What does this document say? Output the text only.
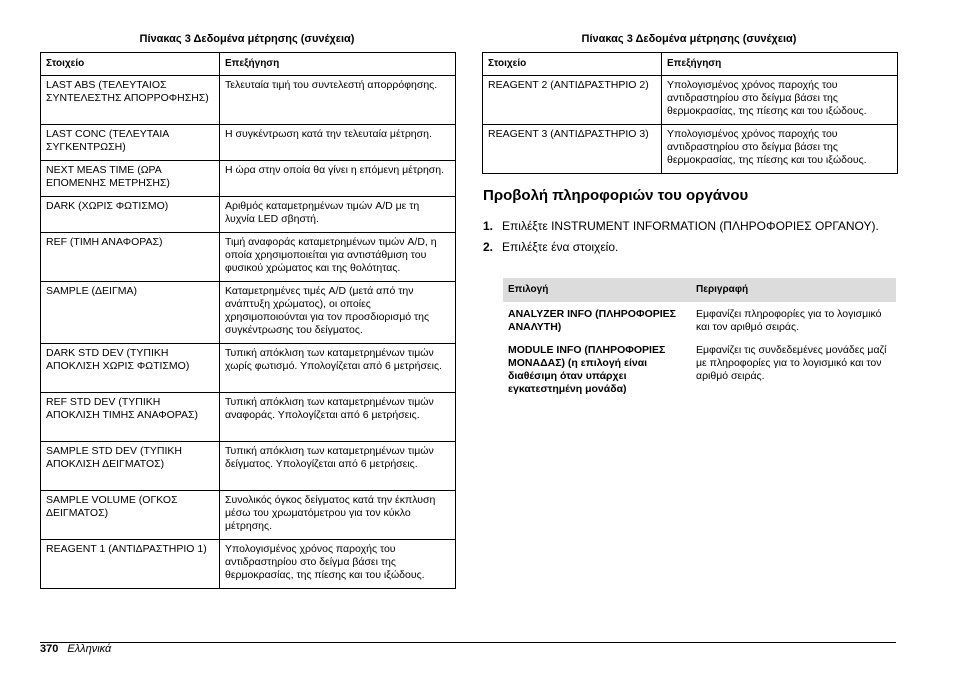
Πίνακας 3 Δεδομένα μέτρησης (συνέχεια)
Στοιχείο	Επεξήγηση
LAST ABS (ΤΕΛΕΥΤΑΙΟΣ ΣΥΝΤΕΛΕΣΤΗΣ ΑΠΟΡΡΟΦΗΣΗΣ)	Τελευταία τιμή του συντελεστή απορρόφησης.
LAST CONC (ΤΕΛΕΥΤΑΙΑ ΣΥΓΚΕΝΤΡΩΣΗ)	Η συγκέντρωση κατά την τελευταία μέτρηση.
NEXT MEAS TIME (ΩΡΑ ΕΠΟΜΕΝΗΣ ΜΕΤΡΗΣΗΣ)	Η ώρα στην οποία θα γίνει η επόμενη μέτρηση.
DARK (ΧΩΡΙΣ ΦΩΤΙΣΜΟ)	Αριθμός καταμετρημένων τιμών A/D με τη λυχνία LED σβηστή.
REF (ΤΙΜΗ ΑΝΑΦΟΡΑΣ)	Τιμή αναφοράς καταμετρημένων τιμών A/D, η οποία χρησιμοποιείται για αντιστάθμιση του φυσικού χρώματος και της θολότητας.
SAMPLE (ΔΕΙΓΜΑ)	Καταμετρημένες τιμές A/D (μετά από την ανάπτυξη χρώματος), οι οποίες χρησιμοποιούνται για τον προσδιορισμό της συγκέντρωσης του δείγματος.
DARK STD DEV (ΤΥΠΙΚΗ ΑΠΟΚΛΙΣΗ ΧΩΡΙΣ ΦΩΤΙΣΜΟ)	Τυπική απόκλιση των καταμετρημένων τιμών χωρίς φωτισμό. Υπολογίζεται από 6 μετρήσεις.
REF STD DEV (ΤΥΠΙΚΗ ΑΠΟΚΛΙΣΗ ΤΙΜΗΣ ΑΝΑΦΟΡΑΣ)	Τυπική απόκλιση των καταμετρημένων τιμών αναφοράς. Υπολογίζεται από 6 μετρήσεις.
SAMPLE STD DEV (ΤΥΠΙΚΗ ΑΠΟΚΛΙΣΗ ΔΕΙΓΜΑΤΟΣ)	Τυπική απόκλιση των καταμετρημένων τιμών δείγματος. Υπολογίζεται από 6 μετρήσεις.
SAMPLE VOLUME (ΟΓΚΟΣ ΔΕΙΓΜΑΤΟΣ)	Συνολικός όγκος δείγματος κατά την έκπλυση μέσω του χρωματόμετρου για τον κύκλο μέτρησης.
REAGENT 1 (ΑΝΤΙΔΡΑΣΤΗΡΙΟ 1)	Υπολογισμένος χρόνος παροχής του αντιδραστηρίου στο δείγμα βάσει της θερμοκρασίας, της πίεσης και του ιξώδους.
Πίνακας 3 Δεδομένα μέτρησης (συνέχεια)
Στοιχείο	Επεξήγηση
REAGENT 2 (ΑΝΤΙΔΡΑΣΤΗΡΙΟ 2)	Υπολογισμένος χρόνος παροχής του αντιδραστηρίου στο δείγμα βάσει της θερμοκρασίας, της πίεσης και του ιξώδους.
REAGENT 3 (ΑΝΤΙΔΡΑΣΤΗΡΙΟ 3)	Υπολογισμένος χρόνος παροχής του αντιδραστηρίου στο δείγμα βάσει της θερμοκρασίας, της πίεσης και του ιξώδους.
Προβολή πληροφοριών του οργάνου
1. Επιλέξτε INSTRUMENT INFORMATION (ΠΛΗΡΟΦΟΡΙΕΣ ΟΡΓΑΝΟΥ).
2. Επιλέξτε ένα στοιχείο.
Επιλογή	Περιγραφή
ANALYZER INFO (ΠΛΗΡΟΦΟΡΙΕΣ ΑΝΑΛΥΤΗ)	Εμφανίζει πληροφορίες για το λογισμικό και τον αριθμό σειράς.
MODULE INFO (ΠΛΗΡΟΦΟΡΙΕΣ ΜΟΝΑΔΑΣ) (η επιλογή είναι διαθέσιμη όταν υπάρχει εγκατεστημένη μονάδα)	Εμφανίζει τις συνδεδεμένες μονάδες μαζί με πληροφορίες για το λογισμικό και τον αριθμό σειράς.
370 Ελληνικά
